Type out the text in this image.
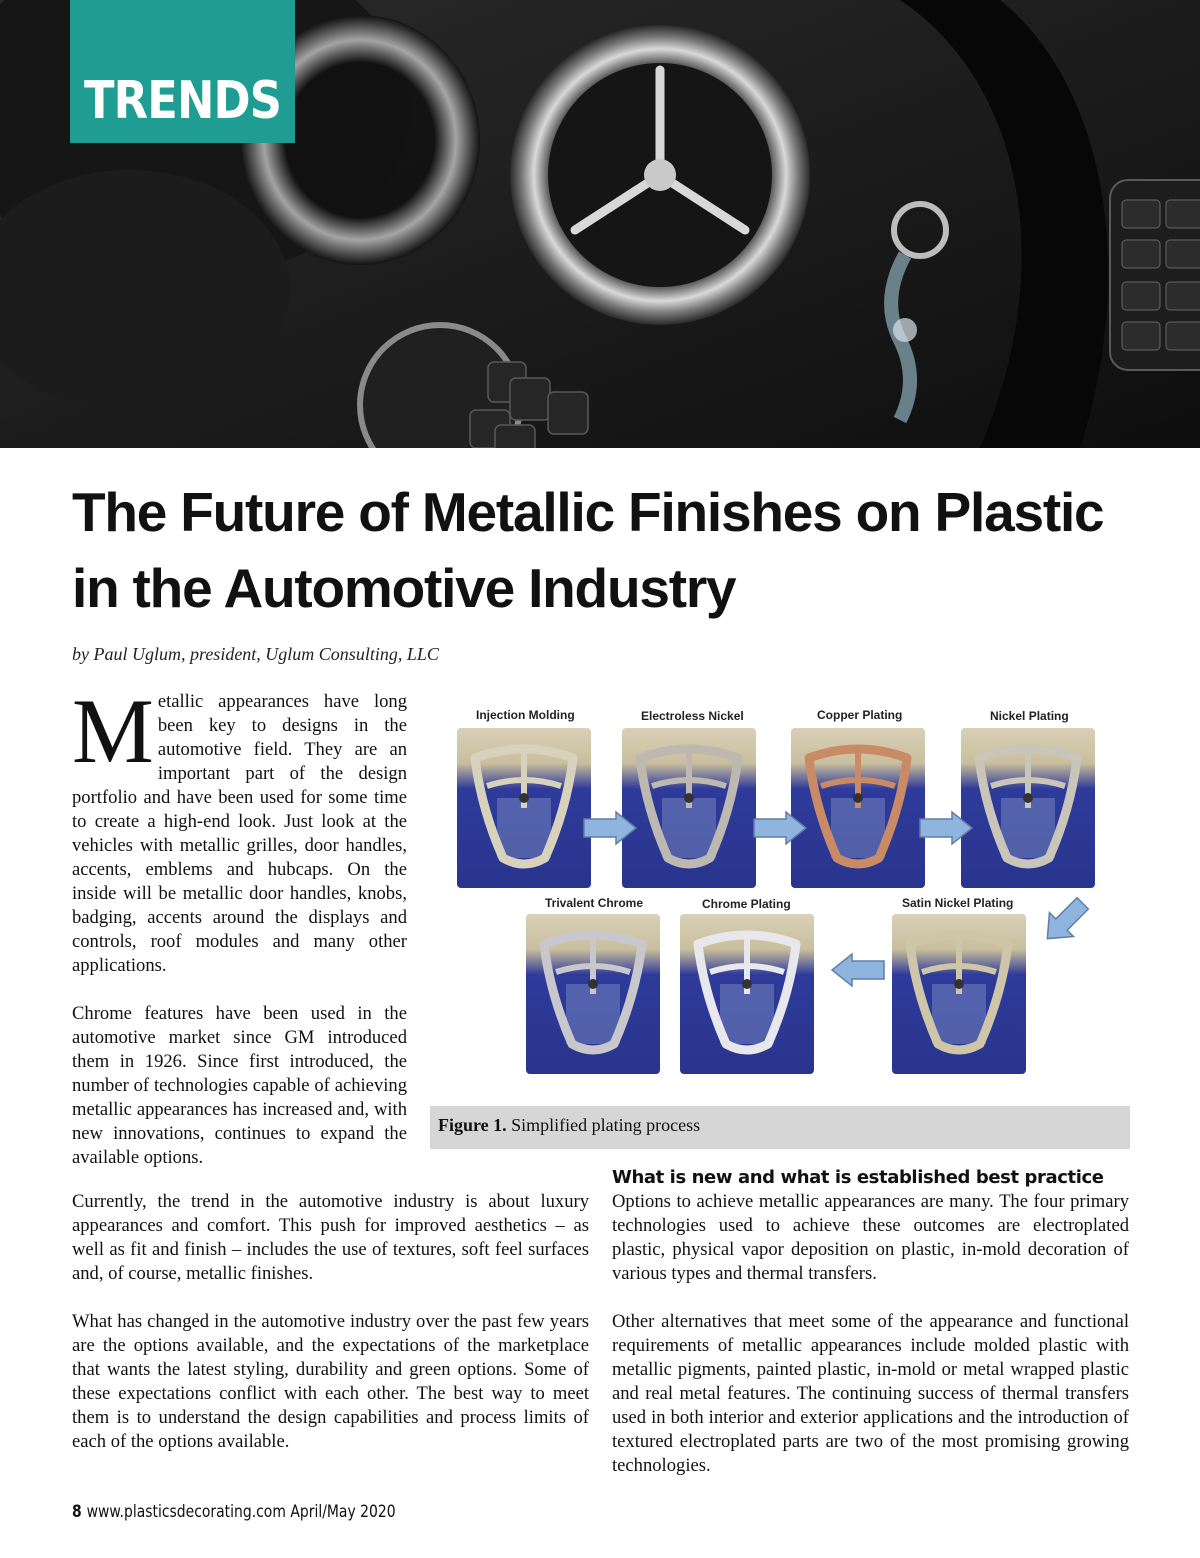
TRENDS
The Future of Metallic Finishes on Plastic
in the Automotive Industry

by Paul Uglum, president, Uglum Consulting, LLC

Metallic appearances have long been key to designs in the automotive field. They are an important part of the design portfolio and have been used for some time to create a high-end look. Just look at the vehicles with metallic grilles, door handles, accents, emblems and hubcaps. On the inside will be metallic door handles, knobs, badging, accents around the displays and controls, roof modules and many other applications.

Chrome features have been used in the automotive market since GM introduced them in 1926. Since first introduced, the number of technologies capable of achieving metallic appearances has increased and, with new innovations, continues to expand the available options.

Injection Molding	Electroless Nickel	Copper Plating	Nickel Plating
Trivalent Chrome	Chrome Plating	Satin Nickel Plating
Figure 1. Simplified plating process

Currently, the trend in the automotive industry is about luxury appearances and comfort. This push for improved aesthetics – as well as fit and finish – includes the use of textures, soft feel surfaces and, of course, metallic finishes.

What has changed in the automotive industry over the past few years are the options available, and the expectations of the marketplace that wants the latest styling, durability and green options. Some of these expectations conflict with each other. The best way to meet them is to understand the design capabilities and process limits of each of the options available.

What is new and what is established best practice

Options to achieve metallic appearances are many. The four primary technologies used to achieve these outcomes are electroplated plastic, physical vapor deposition on plastic, in-mold decoration of various types and thermal transfers.

Other alternatives that meet some of the appearance and functional requirements of metallic appearances include molded plastic with metallic pigments, painted plastic, in-mold or metal wrapped plastic and real metal features. The continuing success of thermal transfers used in both interior and exterior applications and the introduction of textured electroplated parts are two of the most promising growing technologies.

8 www.plasticsdecorating.com April/May 2020
